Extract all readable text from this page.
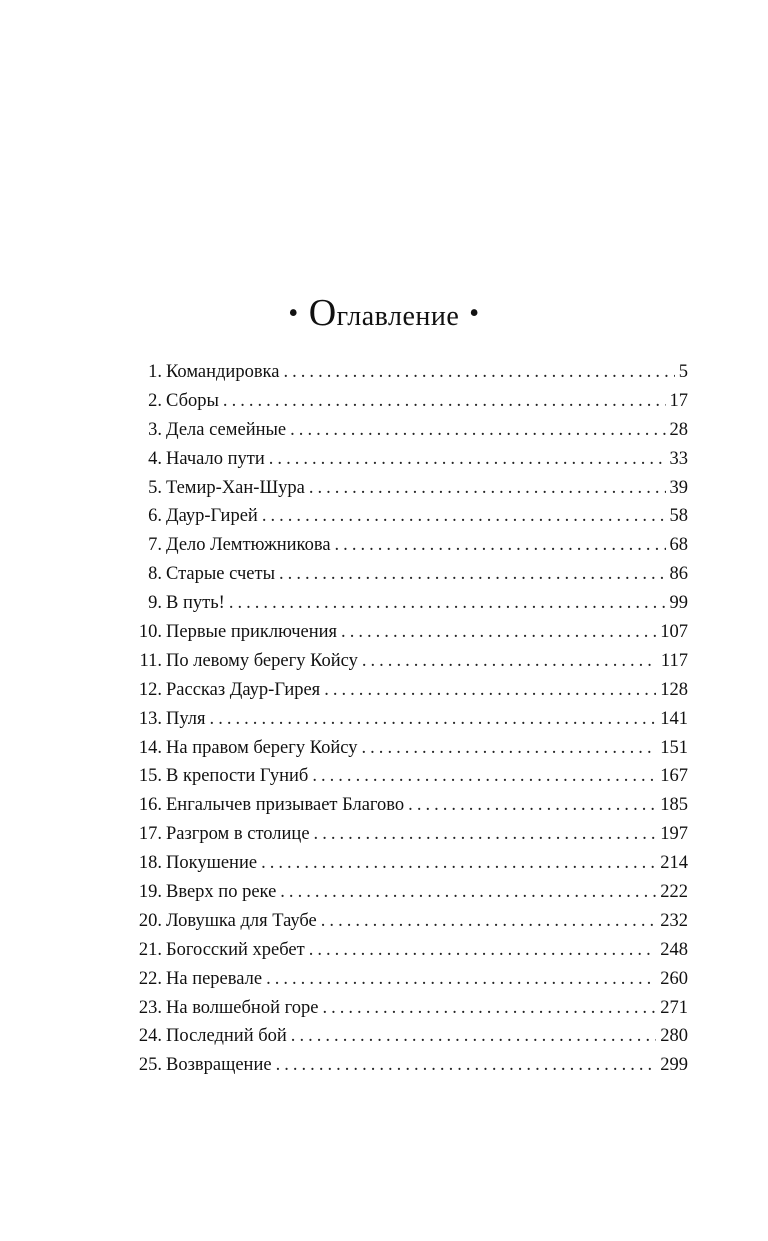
• Оглавление •
1. Командировка . . .	5
2. Сборы . . .	17
3. Дела семейные . . .	28
4. Начало пути . . .	33
5. Темир-Хан-Шура . . .	39
6. Даур-Гирей . . .	58
7. Дело Лемтюжникова . . .	68
8. Старые счеты . . .	86
9. В путь! . . .	99
10. Первые приключения . . .	107
11. По левому берегу Койсу . . .	117
12. Рассказ Даур-Гирея . . .	128
13. Пуля . . .	141
14. На правом берегу Койсу . . .	151
15. В крепости Гуниб . . .	167
16. Енгалычев призывает Благово . . .	185
17. Разгром в столице . . .	197
18. Покушение . . .	214
19. Вверх по реке . . .	222
20. Ловушка для Таубе . . .	232
21. Богосский хребет . . .	248
22. На перевале . . .	260
23. На волшебной горе . . .	271
24. Последний бой . . .	280
25. Возвращение . . .	299
